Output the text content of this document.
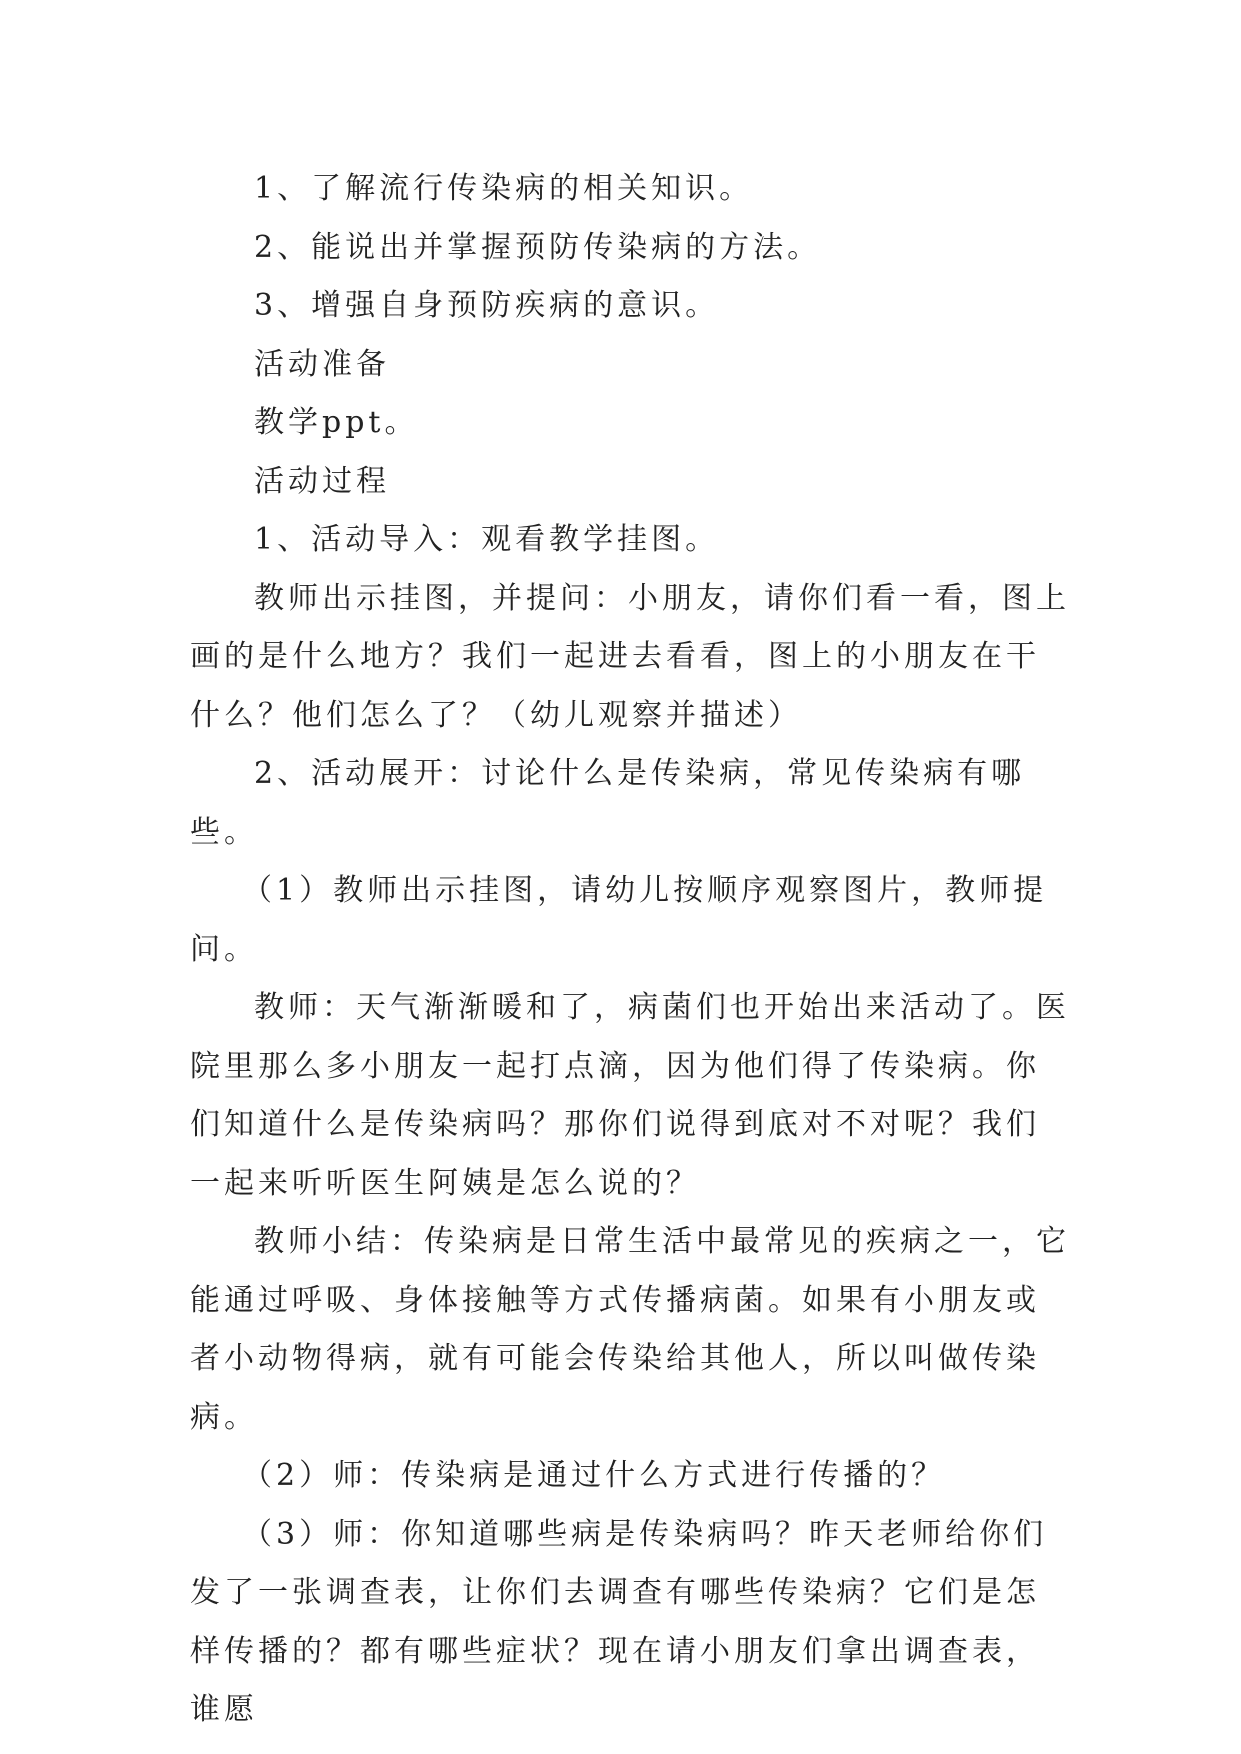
1、了解流行传染病的相关知识。

2、能说出并掌握预防传染病的方法。

3、增强自身预防疾病的意识。

活动准备

教学ppt。

活动过程

1、活动导入：观看教学挂图。

教师出示挂图，并提问：小朋友，请你们看一看，图上画的是什么地方？我们一起进去看看，图上的小朋友在干什么？他们怎么了？（幼儿观察并描述）

2、活动展开：讨论什么是传染病，常见传染病有哪些。

（1）教师出示挂图，请幼儿按顺序观察图片，教师提问。

教师：天气渐渐暖和了，病菌们也开始出来活动了。医院里那么多小朋友一起打点滴，因为他们得了传染病。你们知道什么是传染病吗？那你们说得到底对不对呢？我们一起来听听医生阿姨是怎么说的？

教师小结：传染病是日常生活中最常见的疾病之一，它能通过呼吸、身体接触等方式传播病菌。如果有小朋友或者小动物得病，就有可能会传染给其他人，所以叫做传染病。

（2）师：传染病是通过什么方式进行传播的？

（3）师：你知道哪些病是传染病吗？昨天老师给你们发了一张调查表，让你们去调查有哪些传染病？它们是怎样传播的？都有哪些症状？现在请小朋友们拿出调查表，谁愿
